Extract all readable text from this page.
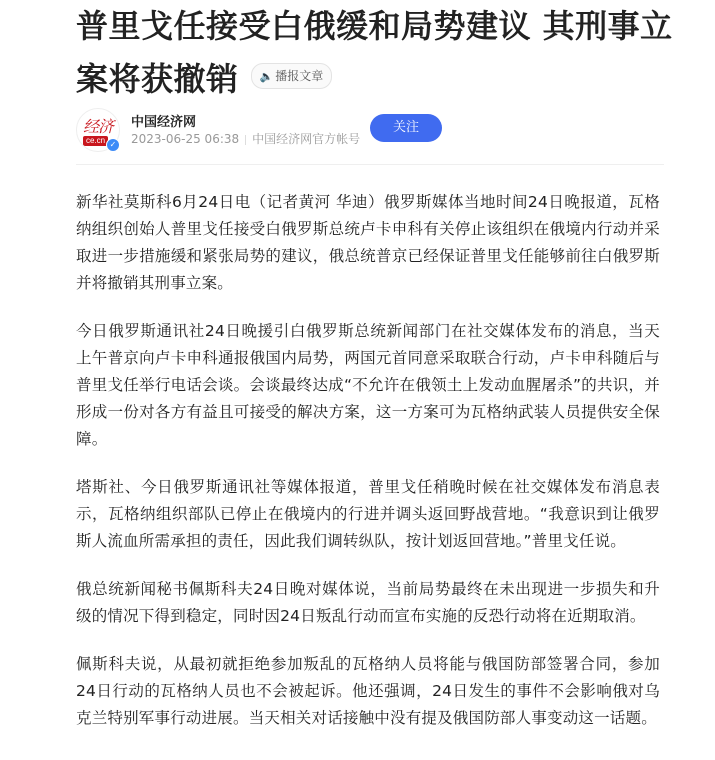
普里戈任接受白俄缓和局势建议 其刑事立案将获撤销 🔈 播报文章
经济
ce.cn ✓
中国经济网
2023-06-25 06:38 中国经济网官方帐号
关注

新华社莫斯科6月24日电（记者黄河 华迪）俄罗斯媒体当地时间24日晚报道，瓦格纳组织创始人普里戈任接受白俄罗斯总统卢卡申科有关停止该组织在俄境内行动并采取进一步措施缓和紧张局势的建议，俄总统普京已经保证普里戈任能够前往白俄罗斯并将撤销其刑事立案。

今日俄罗斯通讯社24日晚援引白俄罗斯总统新闻部门在社交媒体发布的消息，当天上午普京向卢卡申科通报俄国内局势，两国元首同意采取联合行动，卢卡申科随后与普里戈任举行电话会谈。会谈最终达成“不允许在俄领土上发动血腥屠杀”的共识，并形成一份对各方有益且可接受的解决方案，这一方案可为瓦格纳武装人员提供安全保障。

塔斯社、今日俄罗斯通讯社等媒体报道，普里戈任稍晚时候在社交媒体发布消息表示，瓦格纳组织部队已停止在俄境内的行进并调头返回野战营地。“我意识到让俄罗斯人流血所需承担的责任，因此我们调转纵队，按计划返回营地。”普里戈任说。

俄总统新闻秘书佩斯科夫24日晚对媒体说，当前局势最终在未出现进一步损失和升级的情况下得到稳定，同时因24日叛乱行动而宣布实施的反恐行动将在近期取消。

佩斯科夫说，从最初就拒绝参加叛乱的瓦格纳人员将能与俄国防部签署合同，参加24日行动的瓦格纳人员也不会被起诉。他还强调，24日发生的事件不会影响俄对乌克兰特别军事行动进展。当天相关对话接触中没有提及俄国防部人事变动这一话题。
